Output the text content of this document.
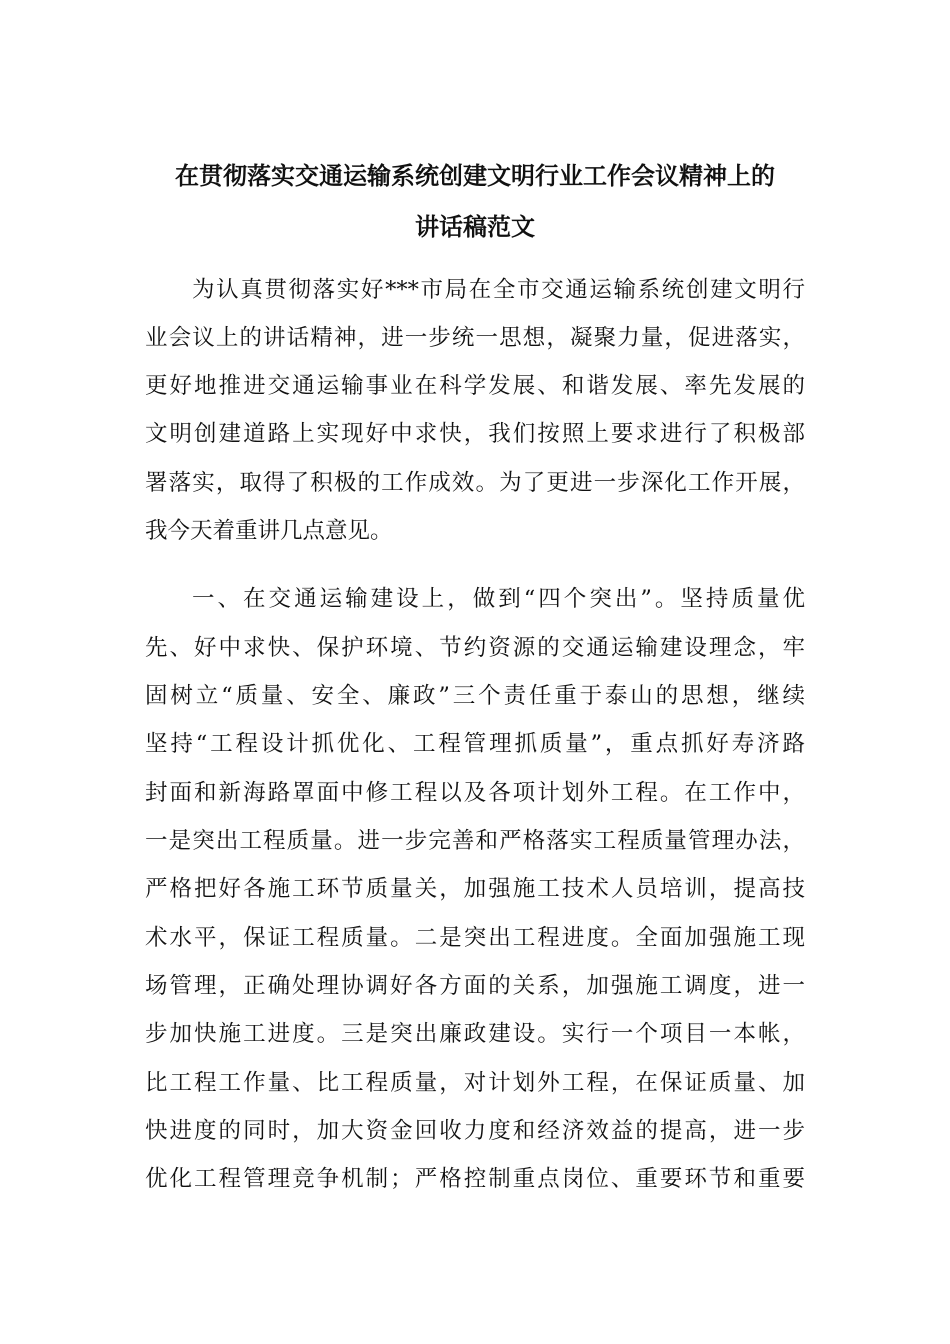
在贯彻落实交通运输系统创建文明行业工作会议精神上的
讲话稿范文
为认真贯彻落实好***市局在全市交通运输系统创建文明行
业会议上的讲话精神，进一步统一思想，凝聚力量，促进落实，
更好地推进交通运输事业在科学发展、和谐发展、率先发展的
文明创建道路上实现好中求快，我们按照上要求进行了积极部
署落实，取得了积极的工作成效。为了更进一步深化工作开展，
我今天着重讲几点意见。
一、在交通运输建设上，做到“四个突出”。坚持质量优
先、好中求快、保护环境、节约资源的交通运输建设理念，牢
固树立“质量、安全、廉政”三个责任重于泰山的思想，继续
坚持“工程设计抓优化、工程管理抓质量”，重点抓好寿济路
封面和新海路罩面中修工程以及各项计划外工程。在工作中，
一是突出工程质量。进一步完善和严格落实工程质量管理办法，
严格把好各施工环节质量关，加强施工技术人员培训，提高技
术水平，保证工程质量。二是突出工程进度。全面加强施工现
场管理，正确处理协调好各方面的关系，加强施工调度，进一
步加快施工进度。三是突出廉政建设。实行一个项目一本帐，
比工程工作量、比工程质量，对计划外工程，在保证质量、加
快进度的同时，加大资金回收力度和经济效益的提高，进一步
优化工程管理竞争机制；严格控制重点岗位、重要环节和重要
